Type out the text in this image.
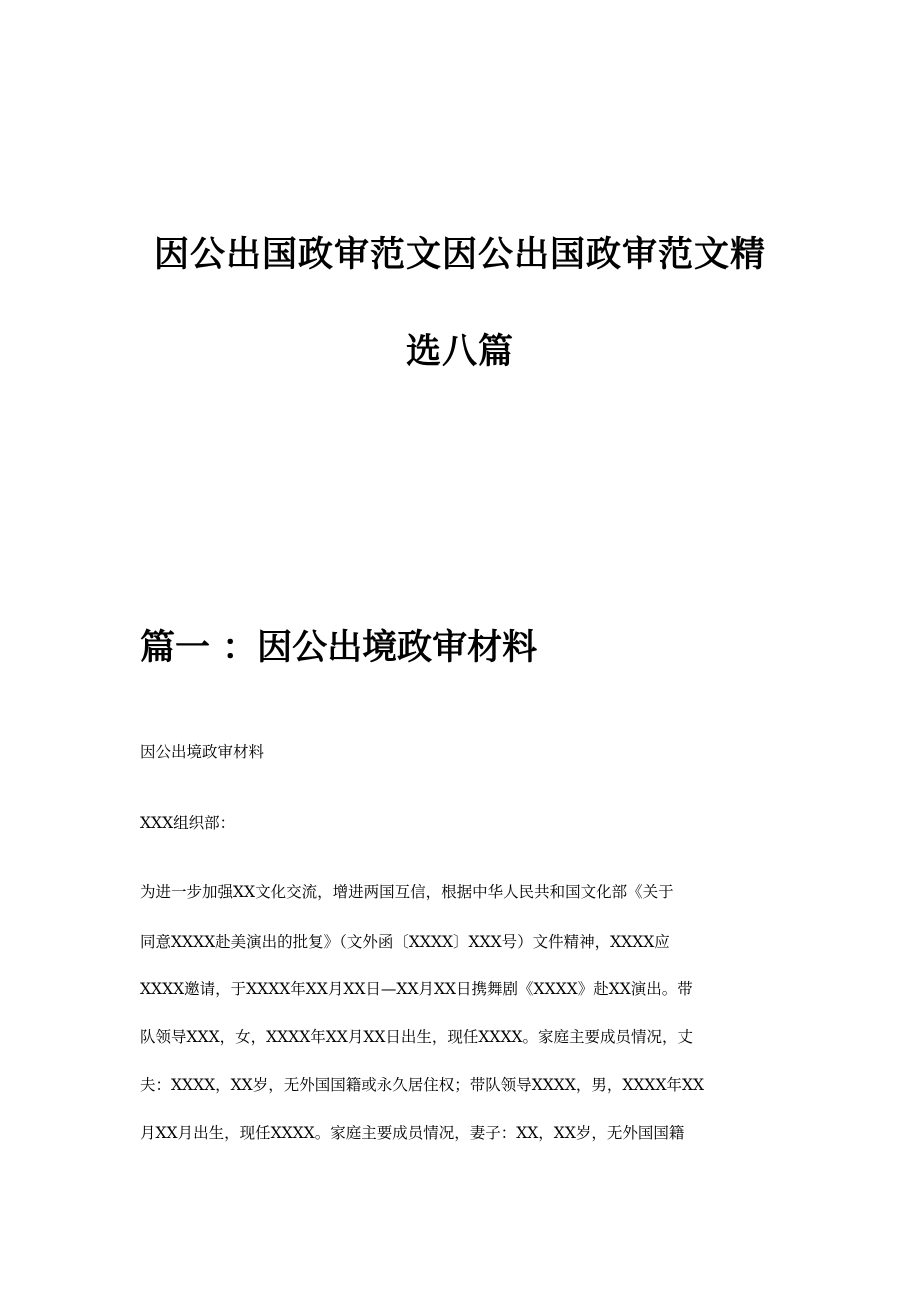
因公出国政审范文因公出国政审范文精
选八篇
篇一 ：因公出境政审材料
因公出境政审材料
XXX组织部：
为进一步加强XX文化交流，增进两国互信，根据中华人民共和国文化部《关于
同意XXXX赴美演出的批复》（文外函〔XXXX〕XXX号）文件精神，XXXX应
XXXX邀请，于XXXX年XX月XX日—XX月XX日携舞剧《XXXX》赴XX演出。带
队领导XXX，女，XXXX年XX月XX日出生，现任XXXX。家庭主要成员情况，丈
夫：XXXX，XX岁，无外国国籍或永久居住权；带队领导XXXX，男，XXXX年XX
月XX月出生，现任XXXX。家庭主要成员情况，妻子：XX，XX岁，无外国国籍
